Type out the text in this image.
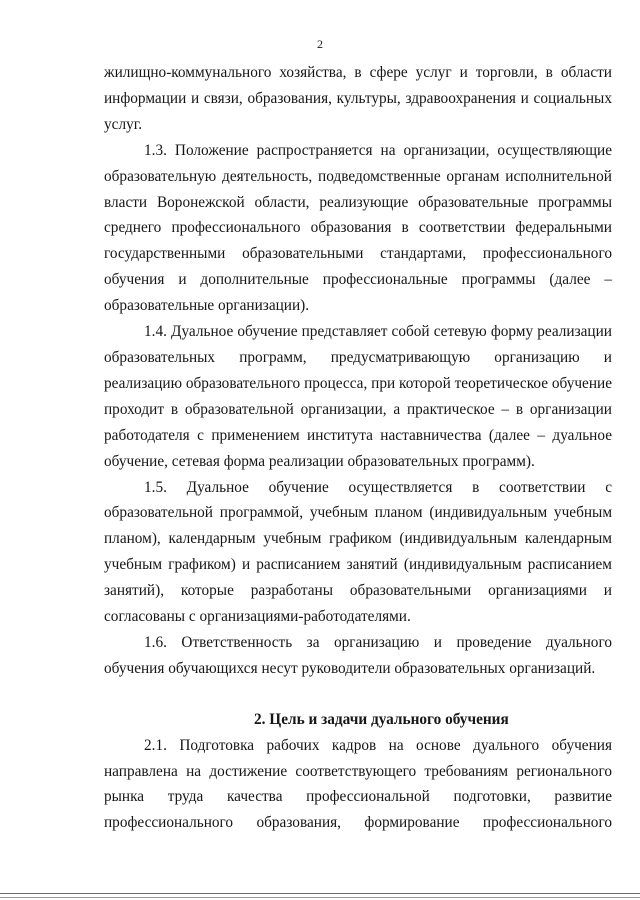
2

жилищно-коммунального хозяйства, в сфере услуг и торговли, в области информации и связи, образования, культуры, здравоохранения и социальных услуг.

1.3. Положение распространяется на организации, осуществляющие образовательную деятельность, подведомственные органам исполнительной власти Воронежской области, реализующие образовательные программы среднего профессионального образования в соответствии федеральными государственными образовательными стандартами, профессионального обучения и дополнительные профессиональные программы (далее – образовательные организации).

1.4. Дуальное обучение представляет собой сетевую форму реализации образовательных программ, предусматривающую организацию и реализацию образовательного процесса, при которой теоретическое обучение проходит в образовательной организации, а практическое – в организации работодателя с применением института наставничества (далее – дуальное обучение, сетевая форма реализации образовательных программ).

1.5. Дуальное обучение осуществляется в соответствии с образовательной программой, учебным планом (индивидуальным учебным планом), календарным учебным графиком (индивидуальным календарным учебным графиком) и расписанием занятий (индивидуальным расписанием занятий), которые разработаны образовательными организациями и согласованы с организациями-работодателями.

1.6. Ответственность за организацию и проведение дуального обучения обучающихся несут руководители образовательных организаций.

2. Цель и задачи дуального обучения

2.1. Подготовка рабочих кадров на основе дуального обучения направлена на достижение соответствующего требованиям регионального рынка труда качества профессиональной подготовки, развитие профессионального образования, формирование профессионального
